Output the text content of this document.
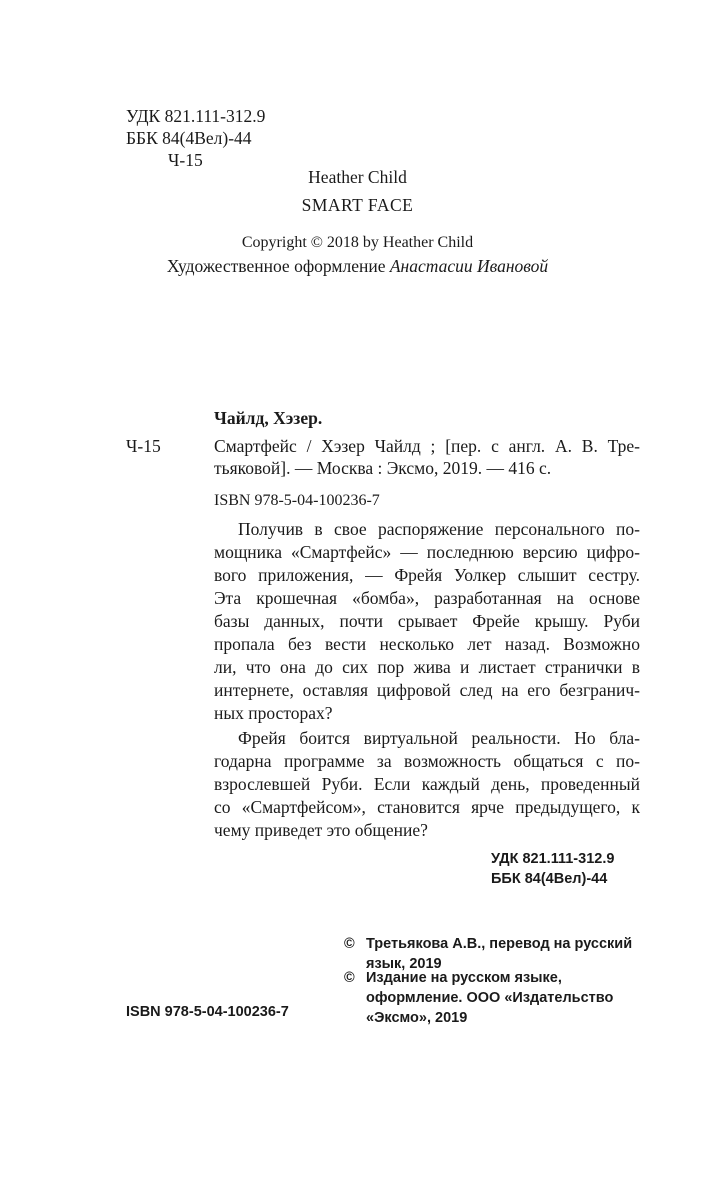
УДК 821.111-312.9
ББК 84(4Вел)-44
Ч-15
Heather Child
SMART FACE
Copyright © 2018 by Heather Child
Художественное оформление Анастасии Ивановой
Чайлд, Хэзер.
Ч-15	Смартфейс / Хэзер Чайлд ; [пер. с англ. А. В. Тре-
тьяковой]. — Москва : Эксмо, 2019. — 416 с.
ISBN 978-5-04-100236-7
Получив в свое распоряжение персонального по-
мощника «Смартфейс» — последнюю версию цифро-
вого приложения, — Фрейя Уолкер слышит сестру.
Эта крошечная «бомба», разработанная на основе
базы данных, почти срывает Фрейе крышу. Руби
пропала без вести несколько лет назад. Возможно
ли, что она до сих пор жива и листает странички в
интернете, оставляя цифровой след на его безгранич-
ных просторах?
Фрейя боится виртуальной реальности. Но бла-
годарна программе за возможность общаться с по-
взрослевшей Руби. Если каждый день, проведенный
со «Смартфейсом», становится ярче предыдущего, к
чему приведет это общение?
УДК 821.111-312.9
ББК 84(4Вел)-44
© Третьякова А.В., перевод на русский
язык, 2019
© Издание на русском языке,
оформление. ООО «Издательство
«Эксмо», 2019
ISBN 978-5-04-100236-7
